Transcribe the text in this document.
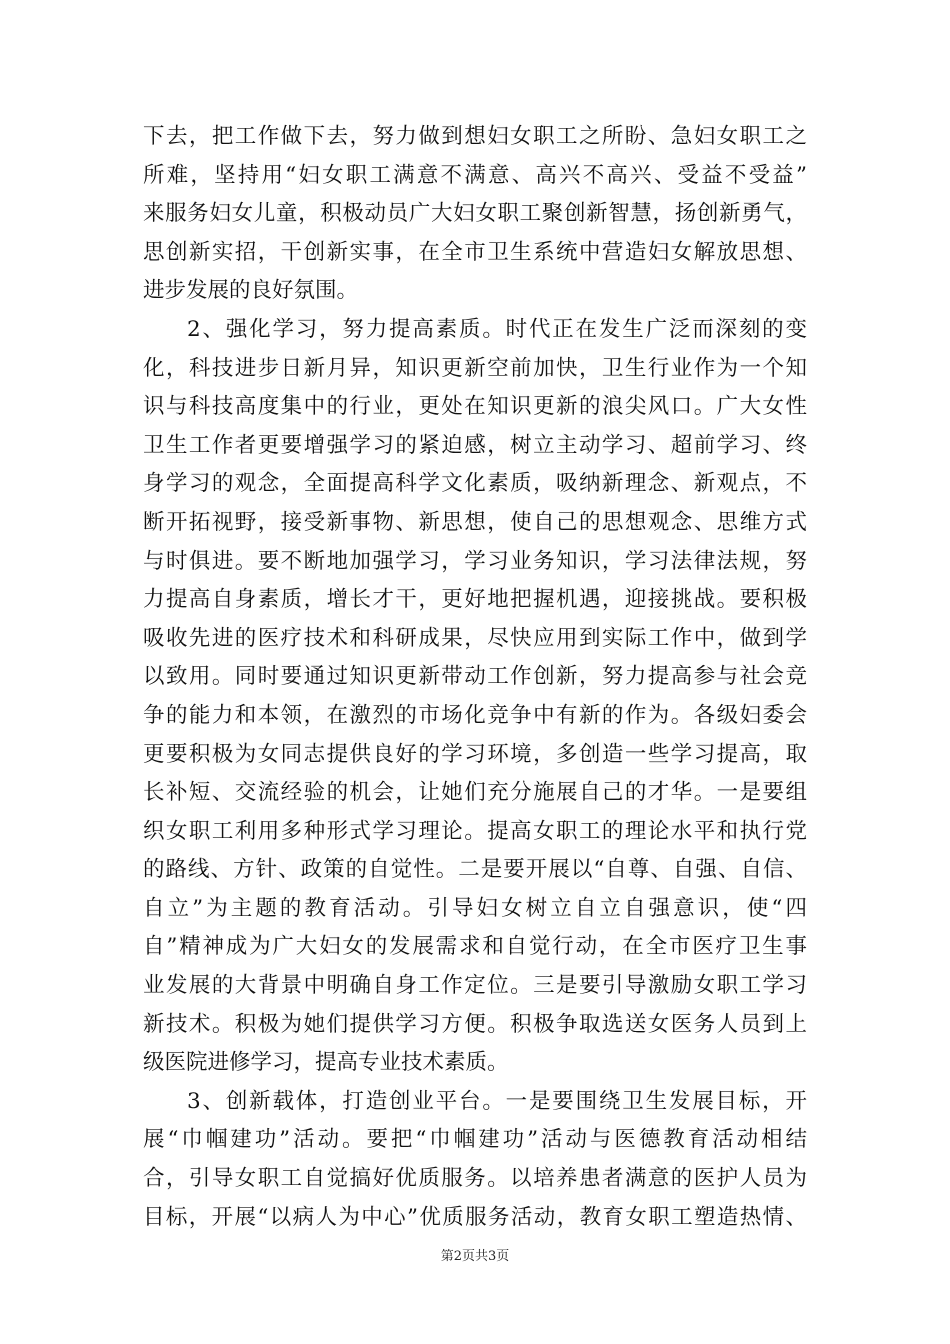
下去，把工作做下去，努力做到想妇女职工之所盼、急妇女职工之
所难，坚持用“妇女职工满意不满意、高兴不高兴、受益不受益”
来服务妇女儿童，积极动员广大妇女职工聚创新智慧，扬创新勇气，
思创新实招，干创新实事，在全市卫生系统中营造妇女解放思想、
进步发展的良好氛围。
2、强化学习，努力提高素质。时代正在发生广泛而深刻的变
化，科技进步日新月异，知识更新空前加快，卫生行业作为一个知
识与科技高度集中的行业，更处在知识更新的浪尖风口。广大女性
卫生工作者更要增强学习的紧迫感，树立主动学习、超前学习、终
身学习的观念，全面提高科学文化素质，吸纳新理念、新观点，不
断开拓视野，接受新事物、新思想，使自己的思想观念、思维方式
与时俱进。要不断地加强学习，学习业务知识，学习法律法规，努
力提高自身素质，增长才干，更好地把握机遇，迎接挑战。要积极
吸收先进的医疗技术和科研成果，尽快应用到实际工作中，做到学
以致用。同时要通过知识更新带动工作创新，努力提高参与社会竞
争的能力和本领，在激烈的市场化竞争中有新的作为。各级妇委会
更要积极为女同志提供良好的学习环境，多创造一些学习提高，取
长补短、交流经验的机会，让她们充分施展自己的才华。一是要组
织女职工利用多种形式学习理论。提高女职工的理论水平和执行党
的路线、方针、政策的自觉性。二是要开展以“自尊、自强、自信、
自立”为主题的教育活动。引导妇女树立自立自强意识，使“四
自”精神成为广大妇女的发展需求和自觉行动，在全市医疗卫生事
业发展的大背景中明确自身工作定位。三是要引导激励女职工学习
新技术。积极为她们提供学习方便。积极争取选送女医务人员到上
级医院进修学习，提高专业技术素质。
3、创新载体，打造创业平台。一是要围绕卫生发展目标，开
展“巾帼建功”活动。要把“巾帼建功”活动与医德教育活动相结
合，引导女职工自觉搞好优质服务。以培养患者满意的医护人员为
目标，开展“以病人为中心”优质服务活动，教育女职工塑造热情、
第2页共3页
